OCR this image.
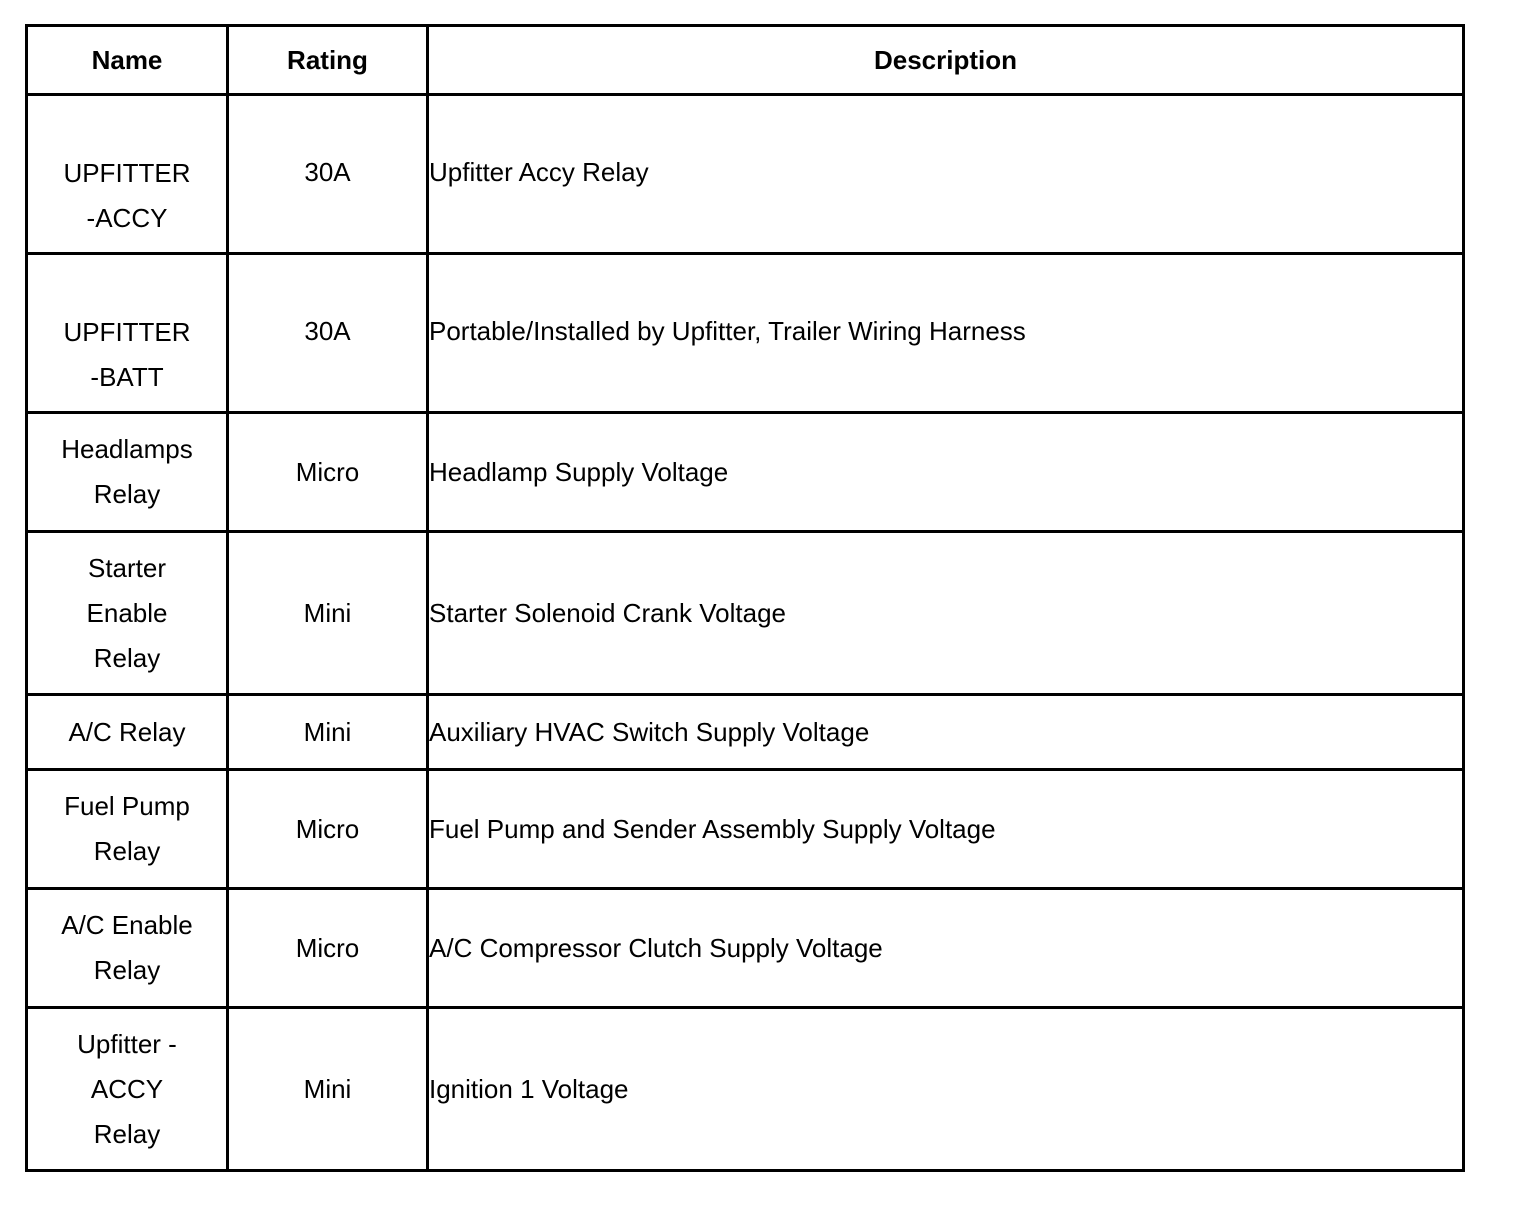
Name	Rating	Description

UPFITTER
-ACCY	30A	Upfitter Accy Relay

UPFITTER
-BATT	30A	Portable/Installed by Upfitter, Trailer Wiring Harness

Headlamps
Relay	Micro	Headlamp Supply Voltage

Starter
Enable
Relay	Mini	Starter Solenoid Crank Voltage

A/C Relay	Mini	Auxiliary HVAC Switch Supply Voltage

Fuel Pump
Relay	Micro	Fuel Pump and Sender Assembly Supply Voltage

A/C Enable
Relay	Micro	A/C Compressor Clutch Supply Voltage

Upfitter -
ACCY
Relay	Mini	Ignition 1 Voltage
